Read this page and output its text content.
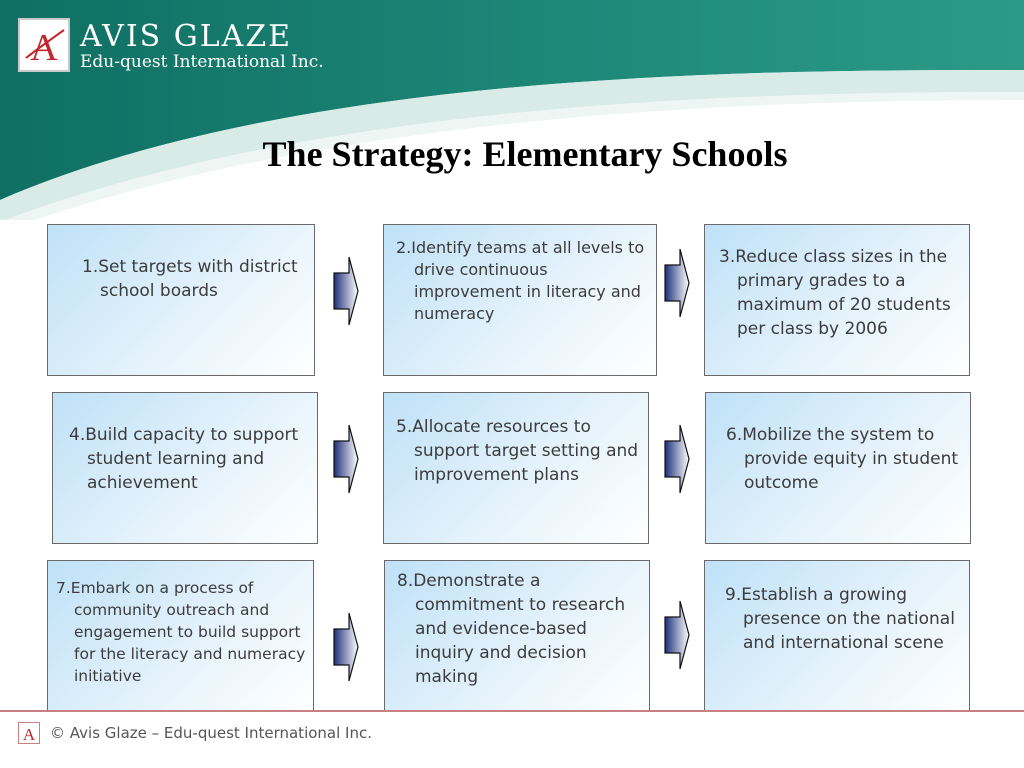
A AVIS GLAZE
Edu-quest International Inc.
The Strategy: Elementary Schools

1.Set targets with district school boards

2.Identify teams at all levels to drive continuous improvement in literacy and numeracy

3.Reduce class sizes in the primary grades to a maximum of 20 students per class by 2006

4.Build capacity to support student learning and achievement

5.Allocate resources to support target setting and improvement plans

6.Mobilize the system to provide equity in student outcome

7.Embark on a process of community outreach and engagement to build support for the literacy and numeracy initiative

8.Demonstrate a commitment to research and evidence-based inquiry and decision making

9.Establish a growing presence on the national and international scene

A © Avis Glaze – Edu-quest International Inc.
